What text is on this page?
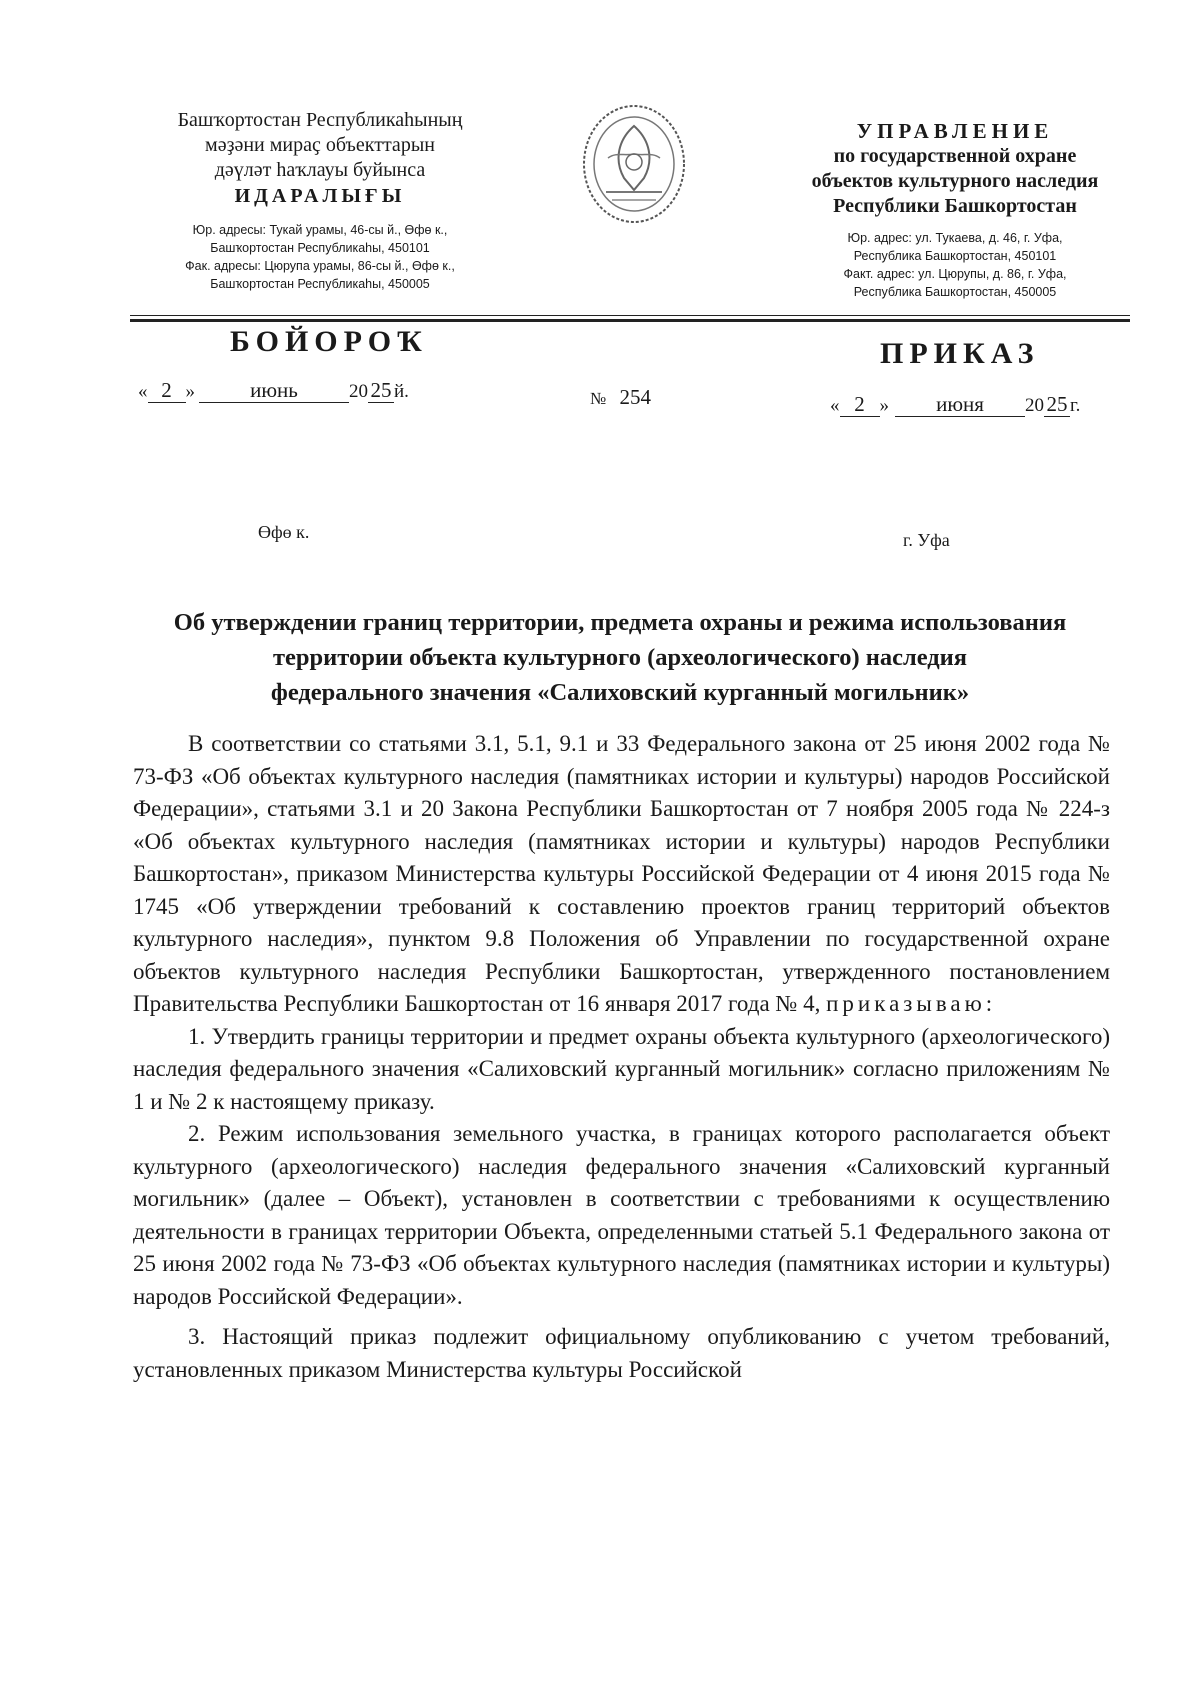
Башҡортостан Республикаһының
мәҙәни мираҫ объекттарын
дәүләт һаҡлауы буйынса
ИДАРАЛЫҒЫ
Юр. адресы: Тукай урамы, 46-сы й., Өфө к.,
Башҡортостан Республикаһы, 450101
Фак. адресы: Цюрупа урамы, 86-сы й., Өфө к.,
Башҡортостан Республикаһы, 450005
УПРАВЛЕНИЕ
по государственной охране
объектов культурного наследия
Республики Башкортостан
Юр. адрес: ул. Тукаева, д. 46, г. Уфа,
Республика Башкортостан, 450101
Факт. адрес: ул. Цюрупы, д. 86, г. Уфа,
Республика Башкортостан, 450005
БОЙОРОҠ	ПРИКАЗ
« 2 »	июнь	20 25 й.	№ 254	« 2 » июня 20 25 г.
Өфө к.	г. Уфа
Об утверждении границ территории, предмета охраны и режима использования
территории объекта культурного (археологического) наследия
федерального значения «Салиховский курганный могильник»

В соответствии со статьями 3.1, 5.1, 9.1 и 33 Федерального закона от 25 июня 2002 года № 73-ФЗ «Об объектах культурного наследия (памятниках истории и культуры) народов Российской Федерации», статьями 3.1 и 20 Закона Республики Башкортостан от 7 ноября 2005 года № 224-з «Об объектах культурного наследия (памятниках истории и культуры) народов Республики Башкортостан», приказом Министерства культуры Российской Федерации от 4 июня 2015 года № 1745 «Об утверждении требований к составлению проектов границ территорий объектов культурного наследия», пунктом 9.8 Положения об Управлении по государственной охране объектов культурного наследия Республики Башкортостан, утвержденного постановлением Правительства Республики Башкортостан от 16 января 2017 года № 4, приказываю:

1. Утвердить границы территории и предмет охраны объекта культурного (археологического) наследия федерального значения «Салиховский курганный могильник» согласно приложениям № 1 и № 2 к настоящему приказу.

2. Режим использования земельного участка, в границах которого располагается объект культурного (археологического) наследия федерального значения «Салиховский курганный могильник» (далее – Объект), установлен в соответствии с требованиями к осуществлению деятельности в границах территории Объекта, определенными статьей 5.1 Федерального закона от 25 июня 2002 года № 73-ФЗ «Об объектах культурного наследия (памятниках истории и культуры) народов Российской Федерации».

3. Настоящий приказ подлежит официальному опубликованию с учетом требований, установленных приказом Министерства культуры Российской
